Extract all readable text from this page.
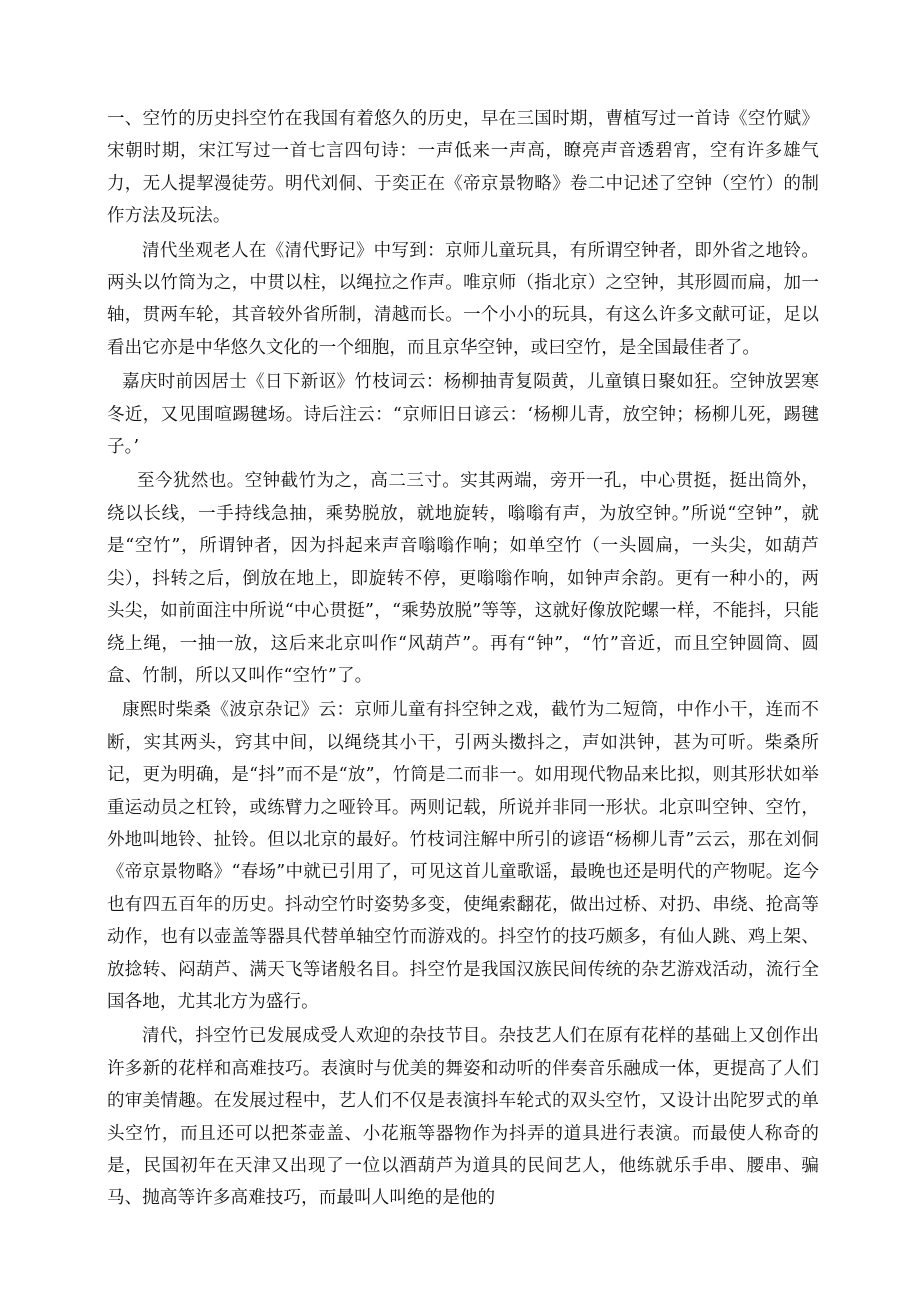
一、空竹的历史抖空竹在我国有着悠久的历史，早在三国时期，曹植写过一首诗《空竹赋》宋朝时期，宋江写过一首七言四句诗：一声低来一声高，瞭亮声音透碧宵，空有许多雄气力，无人提挈漫徒劳。明代刘侗、于奕正在《帝京景物略》卷二中记述了空钟（空竹）的制作方法及玩法。

清代坐观老人在《清代野记》中写到：京师儿童玩具，有所谓空钟者，即外省之地铃。两头以竹筒为之，中贯以柱，以绳拉之作声。唯京师（指北京）之空钟，其形圆而扁，加一轴，贯两车轮，其音较外省所制，清越而长。一个小小的玩具，有这么许多文献可证，足以看出它亦是中华悠久文化的一个细胞，而且京华空钟，或曰空竹，是全国最佳者了。

嘉庆时前因居士《日下新讴》竹枝词云：杨柳抽青复陨黄，儿童镇日聚如狂。空钟放罢寒冬近，又见围喧踢毽场。诗后注云：“京师旧日谚云：‘杨柳儿青，放空钟；杨柳儿死，踢毽子。’

至今犹然也。空钟截竹为之，高二三寸。实其两端，旁开一孔，中心贯挺，挺出筒外，绕以长线，一手持线急抽，乘势脱放，就地旋转，嗡嗡有声，为放空钟。”所说“空钟”，就是“空竹”，所谓钟者，因为抖起来声音嗡嗡作响；如单空竹（一头圆扁，一头尖，如葫芦尖），抖转之后，倒放在地上，即旋转不停，更嗡嗡作响，如钟声余韵。更有一种小的，两头尖，如前面注中所说“中心贯挺”，“乘势放脱”等等，这就好像放陀螺一样，不能抖，只能绕上绳，一抽一放，这后来北京叫作“风葫芦”。再有“钟”，“竹”音近，而且空钟圆筒、圆盒、竹制，所以又叫作“空竹”了。

康熙时柴桑《波京杂记》云：京师儿童有抖空钟之戏，截竹为二短筒，中作小干，连而不断，实其两头，窍其中间，以绳绕其小干，引两头擞抖之，声如洪钟，甚为可听。柴桑所记，更为明确，是“抖”而不是“放”，竹筒是二而非一。如用现代物品来比拟，则其形状如举重运动员之杠铃，或练臂力之哑铃耳。两则记载，所说并非同一形状。北京叫空钟、空竹，外地叫地铃、扯铃。但以北京的最好。竹枝词注解中所引的谚语“杨柳儿青”云云，那在刘侗《帝京景物略》“春场”中就已引用了，可见这首儿童歌谣，最晚也还是明代的产物呢。迄今也有四五百年的历史。抖动空竹时姿势多变，使绳索翻花，做出过桥、对扔、串绕、抢高等动作，也有以壶盖等器具代替单轴空竹而游戏的。抖空竹的技巧颇多，有仙人跳、鸡上架、放捻转、闷葫芦、满天飞等诸般名目。抖空竹是我国汉族民间传统的杂艺游戏活动，流行全国各地，尤其北方为盛行。

清代，抖空竹已发展成受人欢迎的杂技节目。杂技艺人们在原有花样的基础上又创作出许多新的花样和高难技巧。表演时与优美的舞姿和动听的伴奏音乐融成一体，更提高了人们的审美情趣。在发展过程中，艺人们不仅是表演抖车轮式的双头空竹，又设计出陀罗式的单头空竹，而且还可以把茶壶盖、小花瓶等器物作为抖弄的道具进行表演。而最使人称奇的是，民国初年在天津又出现了一位以酒葫芦为道具的民间艺人，他练就乐手串、腰串、骗马、抛高等许多高难技巧，而最叫人叫绝的是他的
